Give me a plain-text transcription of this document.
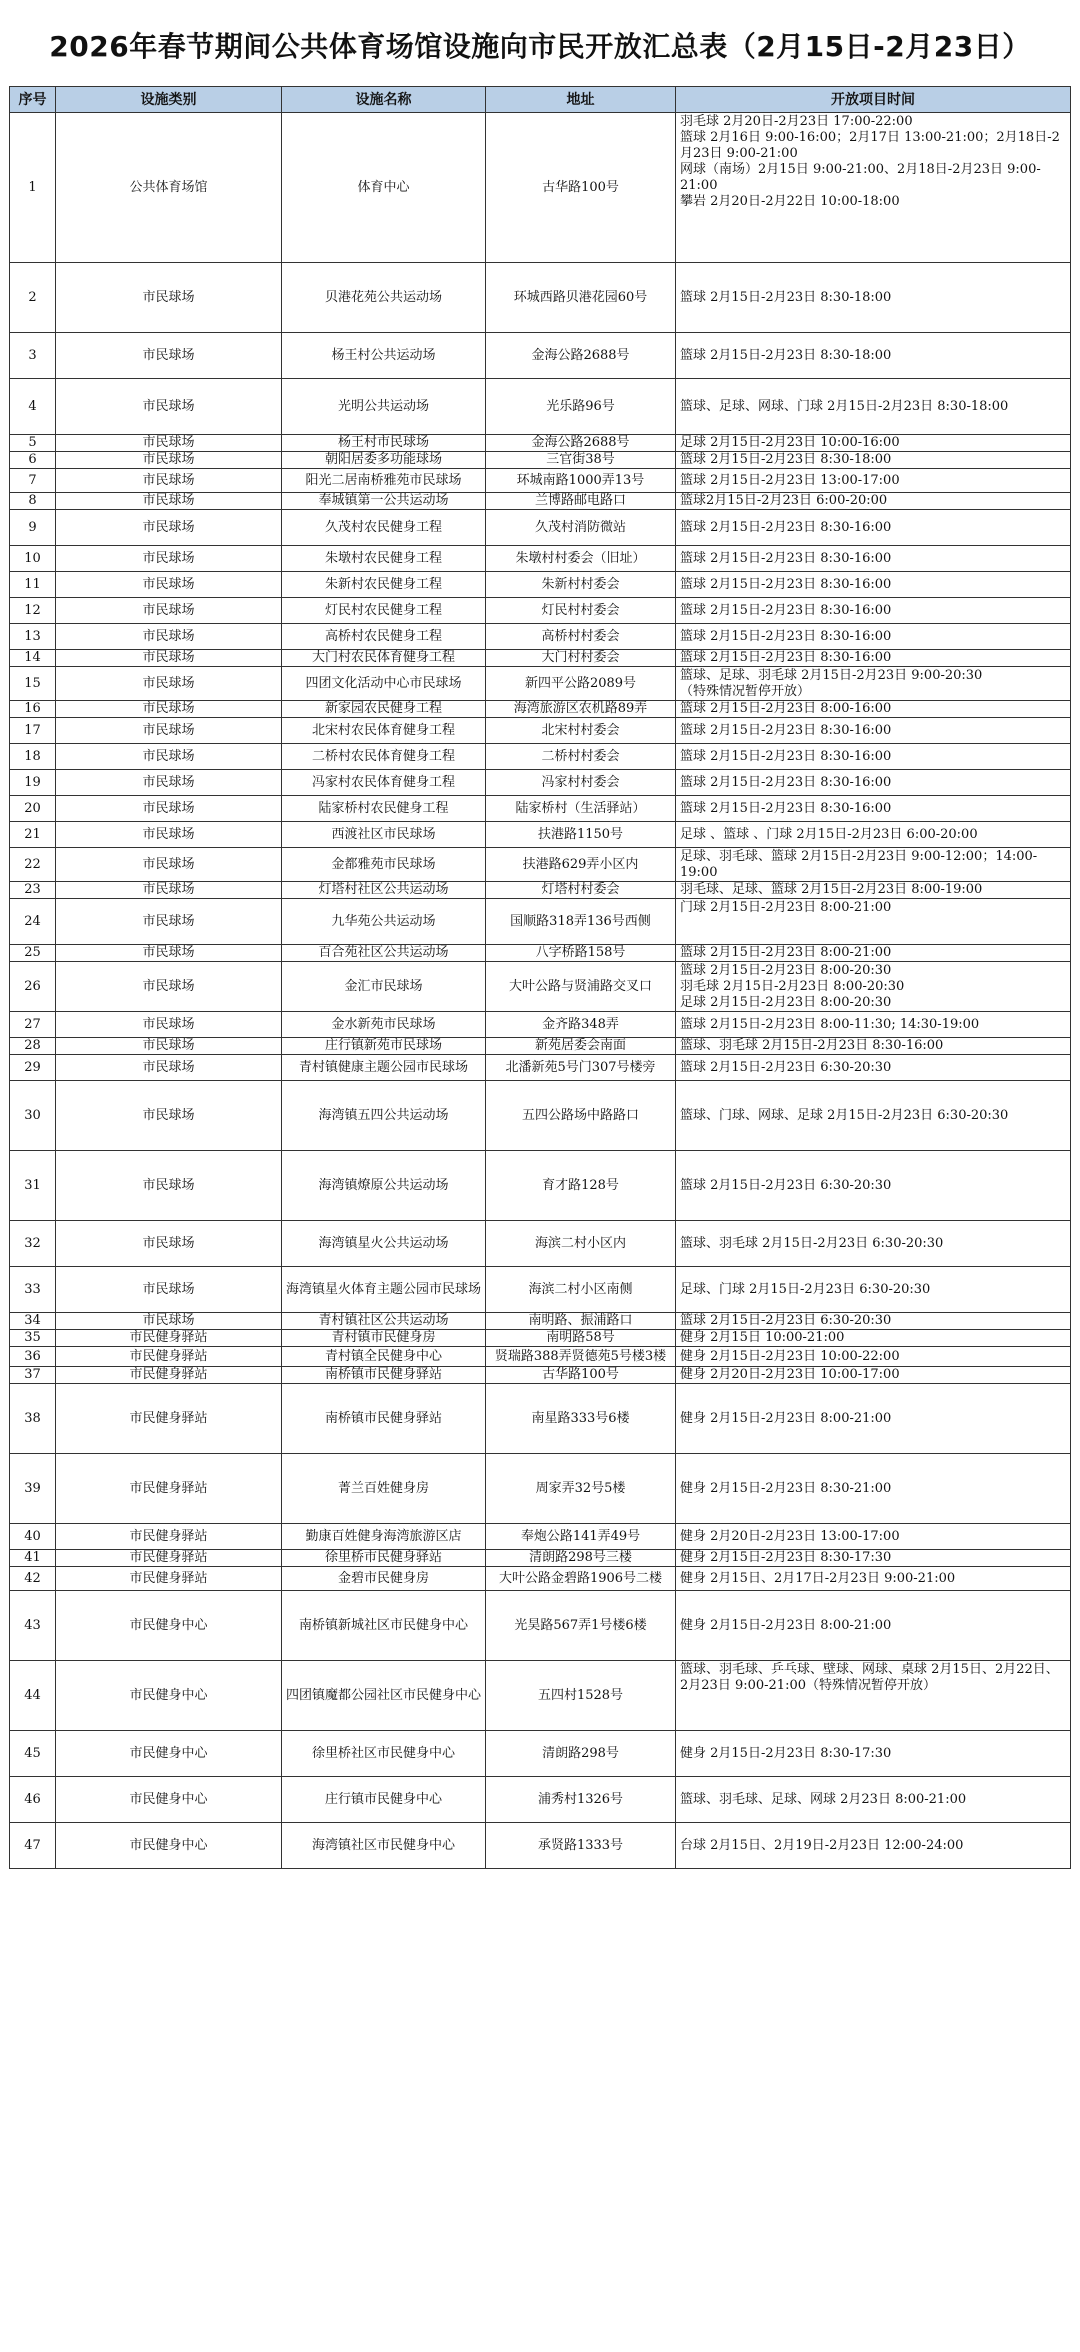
2026年春节期间公共体育场馆设施向市民开放汇总表（2月15日-2月23日）
序号	设施类别	设施名称	地址	开放项目时间
1	公共体育场馆	体育中心	古华路100号	羽毛球 2月20日-2月23日 17:00-22:00
篮球 2月16日 9:00-16:00；2月17日 13:00-21:00；2月18日-2月23日 9:00-21:00
网球（南场）2月15日 9:00-21:00、2月18日-2月23日 9:00-21:00
攀岩 2月20日-2月22日 10:00-18:00
2	市民球场	贝港花苑公共运动场	环城西路贝港花园60号	篮球 2月15日-2月23日 8:30-18:00
3	市民球场	杨王村公共运动场	金海公路2688号	篮球 2月15日-2月23日 8:30-18:00
4	市民球场	光明公共运动场	光乐路96号	篮球、足球、网球、门球 2月15日-2月23日 8:30-18:00
5	市民球场	杨王村市民球场	金海公路2688号	足球 2月15日-2月23日 10:00-16:00
6	市民球场	朝阳居委多功能球场	三官街38号	篮球 2月15日-2月23日 8:30-18:00
7	市民球场	阳光二居南桥雅苑市民球场	环城南路1000弄13号	篮球 2月15日-2月23日 13:00-17:00
8	市民球场	奉城镇第一公共运动场	兰博路邮电路口	篮球2月15日-2月23日 6:00-20:00
9	市民球场	久茂村农民健身工程	久茂村消防微站	篮球 2月15日-2月23日 8:30-16:00
10	市民球场	朱墩村农民健身工程	朱墩村村委会（旧址）	篮球 2月15日-2月23日 8:30-16:00
11	市民球场	朱新村农民健身工程	朱新村村委会	篮球 2月15日-2月23日 8:30-16:00
12	市民球场	灯民村农民健身工程	灯民村村委会	篮球 2月15日-2月23日 8:30-16:00
13	市民球场	高桥村农民健身工程	高桥村村委会	篮球 2月15日-2月23日 8:30-16:00
14	市民球场	大门村农民体育健身工程	大门村村委会	篮球 2月15日-2月23日 8:30-16:00
15	市民球场	四团文化活动中心市民球场	新四平公路2089号	篮球、足球、羽毛球 2月15日-2月23日 9:00-20:30
（特殊情况暂停开放）
16	市民球场	新家园农民健身工程	海湾旅游区农机路89弄	篮球 2月15日-2月23日 8:00-16:00
17	市民球场	北宋村农民体育健身工程	北宋村村委会	篮球 2月15日-2月23日 8:30-16:00
18	市民球场	二桥村农民体育健身工程	二桥村村委会	篮球 2月15日-2月23日 8:30-16:00
19	市民球场	冯家村农民体育健身工程	冯家村村委会	篮球 2月15日-2月23日 8:30-16:00
20	市民球场	陆家桥村农民健身工程	陆家桥村（生活驿站）	篮球 2月15日-2月23日 8:30-16:00
21	市民球场	西渡社区市民球场	扶港路1150号	足球 、篮球 、门球 2月15日-2月23日 6:00-20:00
22	市民球场	金都雅苑市民球场	扶港路629弄小区内	足球、羽毛球、篮球 2月15日-2月23日 9:00-12:00；14:00-19:00
23	市民球场	灯塔村社区公共运动场	灯塔村村委会	羽毛球、足球、篮球 2月15日-2月23日 8:00-19:00
24	市民球场	九华苑公共运动场	国顺路318弄136号西侧	门球 2月15日-2月23日 8:00-21:00
25	市民球场	百合苑社区公共运动场	八字桥路158号	篮球 2月15日-2月23日 8:00-21:00
26	市民球场	金汇市民球场	大叶公路与贤浦路交叉口	篮球 2月15日-2月23日 8:00-20:30
羽毛球 2月15日-2月23日 8:00-20:30
足球 2月15日-2月23日 8:00-20:30
27	市民球场	金水新苑市民球场	金齐路348弄	篮球 2月15日-2月23日 8:00-11:30; 14:30-19:00
28	市民球场	庄行镇新苑市民球场	新苑居委会南面	篮球、羽毛球 2月15日-2月23日 8:30-16:00
29	市民球场	青村镇健康主题公园市民球场	北潘新苑5号门307号楼旁	篮球 2月15日-2月23日 6:30-20:30
30	市民球场	海湾镇五四公共运动场	五四公路场中路路口	篮球、门球、网球、足球 2月15日-2月23日 6:30-20:30
31	市民球场	海湾镇燎原公共运动场	育才路128号	篮球 2月15日-2月23日 6:30-20:30
32	市民球场	海湾镇星火公共运动场	海滨二村小区内	篮球、羽毛球 2月15日-2月23日 6:30-20:30
33	市民球场	海湾镇星火体育主题公园市民球场	海滨二村小区南侧	足球、门球 2月15日-2月23日 6:30-20:30
34	市民球场	青村镇社区公共运动场	南明路、振浦路口	篮球 2月15日-2月23日 6:30-20:30
35	市民健身驿站	青村镇市民健身房	南明路58号	健身 2月15日 10:00-21:00
36	市民健身驿站	青村镇全民健身中心	贤瑞路388弄贤德苑5号楼3楼	健身 2月15日-2月23日 10:00-22:00
37	市民健身驿站	南桥镇市民健身驿站	古华路100号	健身 2月20日-2月23日 10:00-17:00
38	市民健身驿站	南桥镇市民健身驿站	南星路333号6楼	健身 2月15日-2月23日 8:00-21:00
39	市民健身驿站	菁兰百姓健身房	周家弄32号5楼	健身 2月15日-2月23日 8:30-21:00
40	市民健身驿站	勤康百姓健身海湾旅游区店	奉炮公路141弄49号	健身 2月20日-2月23日 13:00-17:00
41	市民健身驿站	徐里桥市民健身驿站	清朗路298号三楼	健身 2月15日-2月23日 8:30-17:30
42	市民健身驿站	金碧市民健身房	大叶公路金碧路1906号二楼	健身 2月15日、2月17日-2月23日 9:00-21:00
43	市民健身中心	南桥镇新城社区市民健身中心	光昊路567弄1号楼6楼	健身 2月15日-2月23日 8:00-21:00
44	市民健身中心	四团镇魔都公园社区市民健身中心	五四村1528号	篮球、羽毛球、乒乓球、壁球、网球、桌球 2月15日、2月22日、2月23日 9:00-21:00（特殊情况暂停开放）
45	市民健身中心	徐里桥社区市民健身中心	清朗路298号	健身 2月15日-2月23日 8:30-17:30
46	市民健身中心	庄行镇市民健身中心	浦秀村1326号	篮球、羽毛球、足球、网球 2月23日 8:00-21:00
47	市民健身中心	海湾镇社区市民健身中心	承贤路1333号	台球 2月15日、2月19日-2月23日 12:00-24:00
